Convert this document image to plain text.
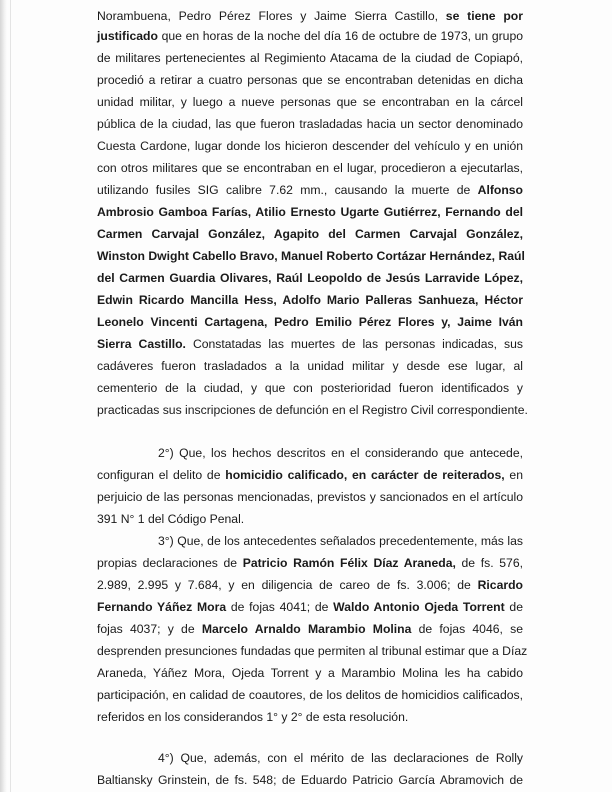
Norambuena, Pedro Pérez Flores y Jaime Sierra Castillo, se tiene por
justificado que en horas de la noche del día 16 de octubre de 1973, un grupo
de militares pertenecientes al Regimiento Atacama de la ciudad de Copiapó,
procedió a retirar a cuatro personas que se encontraban detenidas en dicha
unidad militar, y luego a nueve personas que se encontraban en la cárcel
pública de la ciudad, las que fueron trasladadas hacia un sector denominado
Cuesta Cardone, lugar donde los hicieron descender del vehículo y en unión
con otros militares que se encontraban en el lugar, procedieron a ejecutarlas,
utilizando fusiles SIG calibre 7.62 mm., causando la muerte de Alfonso
Ambrosio Gamboa Farías, Atilio Ernesto Ugarte Gutiérrez, Fernando del
Carmen Carvajal González, Agapito del Carmen Carvajal González,
Winston Dwight Cabello Bravo, Manuel Roberto Cortázar Hernández, Raúl
del Carmen Guardia Olivares, Raúl Leopoldo de Jesús Larravide López,
Edwin Ricardo Mancilla Hess, Adolfo Mario Palleras Sanhueza, Héctor
Leonelo Vincenti Cartagena, Pedro Emilio Pérez Flores y, Jaime Iván
Sierra Castillo. Constatadas las muertes de las personas indicadas, sus
cadáveres fueron trasladados a la unidad militar y desde ese lugar, al
cementerio de la ciudad, y que con posterioridad fueron identificados y
practicadas sus inscripciones de defunción en el Registro Civil correspondiente.
2°) Que, los hechos descritos en el considerando que antecede,
configuran el delito de homicidio calificado, en carácter de reiterados, en
perjuicio de las personas mencionadas, previstos y sancionados en el artículo
391 N° 1 del Código Penal.
3°) Que, de los antecedentes señalados precedentemente, más las
propias declaraciones de Patricio Ramón Félix Díaz Araneda, de fs. 576,
2.989, 2.995 y 7.684, y en diligencia de careo de fs. 3.006; de Ricardo
Fernando Yáñez Mora de fojas 4041; de Waldo Antonio Ojeda Torrent de
fojas 4037; y de Marcelo Arnaldo Marambio Molina de fojas 4046, se
desprenden presunciones fundadas que permiten al tribunal estimar que a Díaz
Araneda, Yáñez Mora, Ojeda Torrent y a Marambio Molina les ha cabido
participación, en calidad de coautores, de los delitos de homicidios calificados,
referidos en los considerandos 1° y 2° de esta resolución.
4°) Que, además, con el mérito de las declaraciones de Rolly
Baltiansky Grinstein, de fs. 548; de Eduardo Patricio García Abramovich de
